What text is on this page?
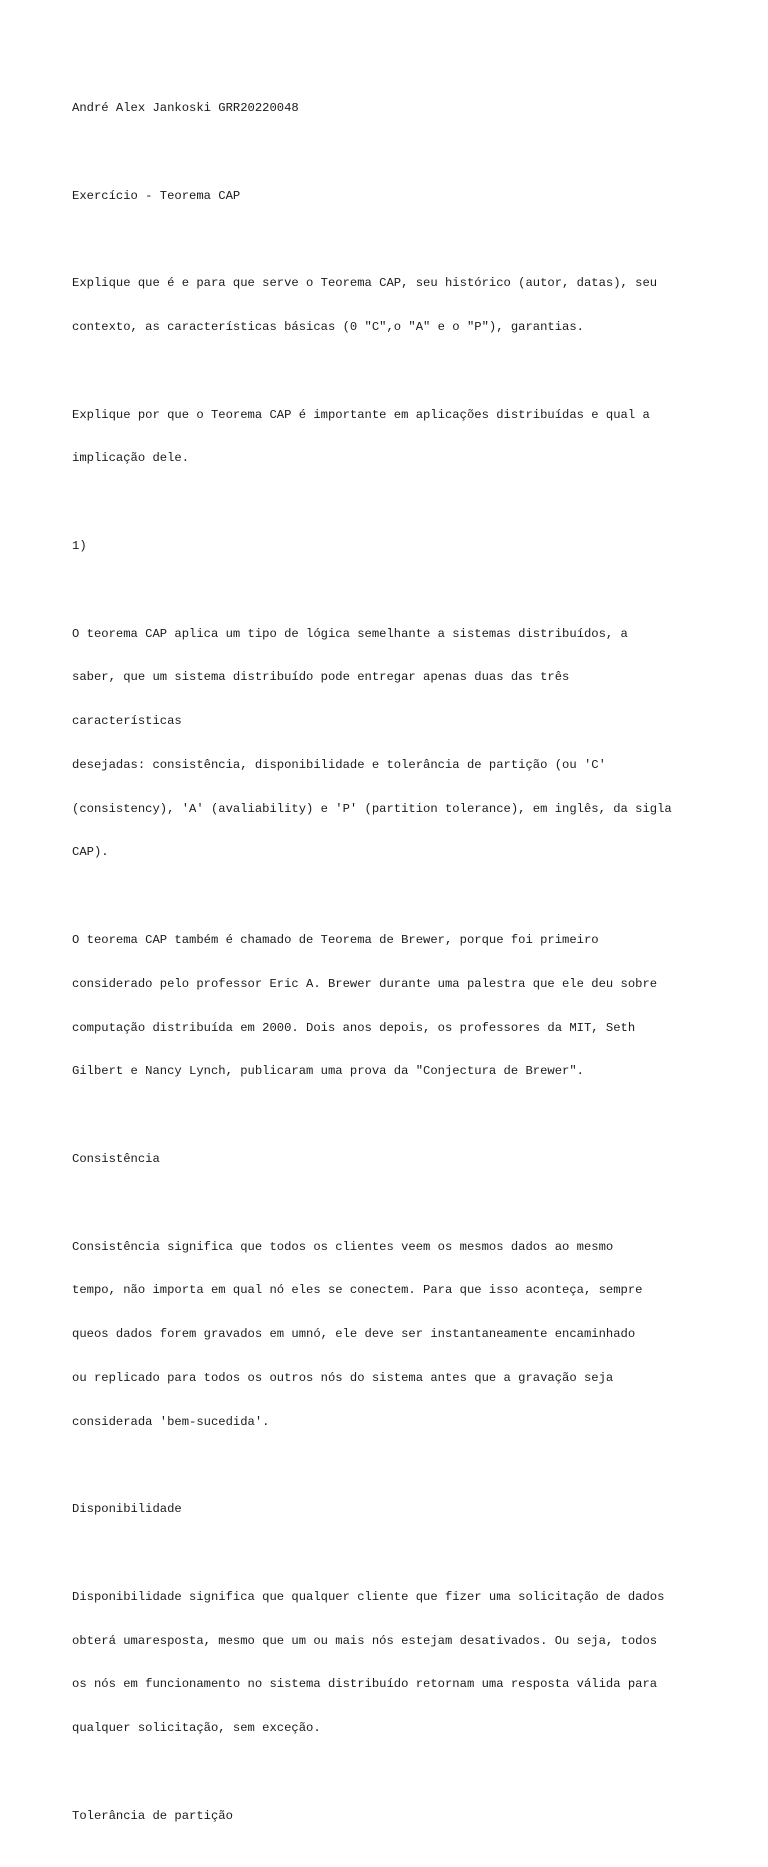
André Alex Jankoski GRR20220048

Exercício - Teorema CAP

Explique que é e para que serve o Teorema CAP, seu histórico (autor, datas), seu

contexto, as características básicas (0 "C",o "A" e o "P"), garantias.

Explique por que o Teorema CAP é importante em aplicações distribuídas e qual a

implicação dele.

1)

O teorema CAP aplica um tipo de lógica semelhante a sistemas distribuídos, a

saber, que um sistema distribuído pode entregar apenas duas das três

características

desejadas: consistência, disponibilidade e tolerância de partição (ou 'C'

(consistency), 'A' (avaliability) e 'P' (partition tolerance), em inglês, da sigla

CAP).

O teorema CAP também é chamado de Teorema de Brewer, porque foi primeiro

considerado pelo professor Eric A. Brewer durante uma palestra que ele deu sobre

computação distribuída em 2000. Dois anos depois, os professores da MIT, Seth

Gilbert e Nancy Lynch, publicaram uma prova da "Conjectura de Brewer".

Consistência

Consistência significa que todos os clientes veem os mesmos dados ao mesmo

tempo, não importa em qual nó eles se conectem. Para que isso aconteça, sempre

queos dados forem gravados em umnó, ele deve ser instantaneamente encaminhado

ou replicado para todos os outros nós do sistema antes que a gravação seja

considerada 'bem-sucedida'.

Disponibilidade

Disponibilidade significa que qualquer cliente que fizer uma solicitação de dados

obterá umaresposta, mesmo que um ou mais nós estejam desativados. Ou seja, todos

os nós em funcionamento no sistema distribuído retornam uma resposta válida para

qualquer solicitação, sem exceção.

Tolerância de partição
